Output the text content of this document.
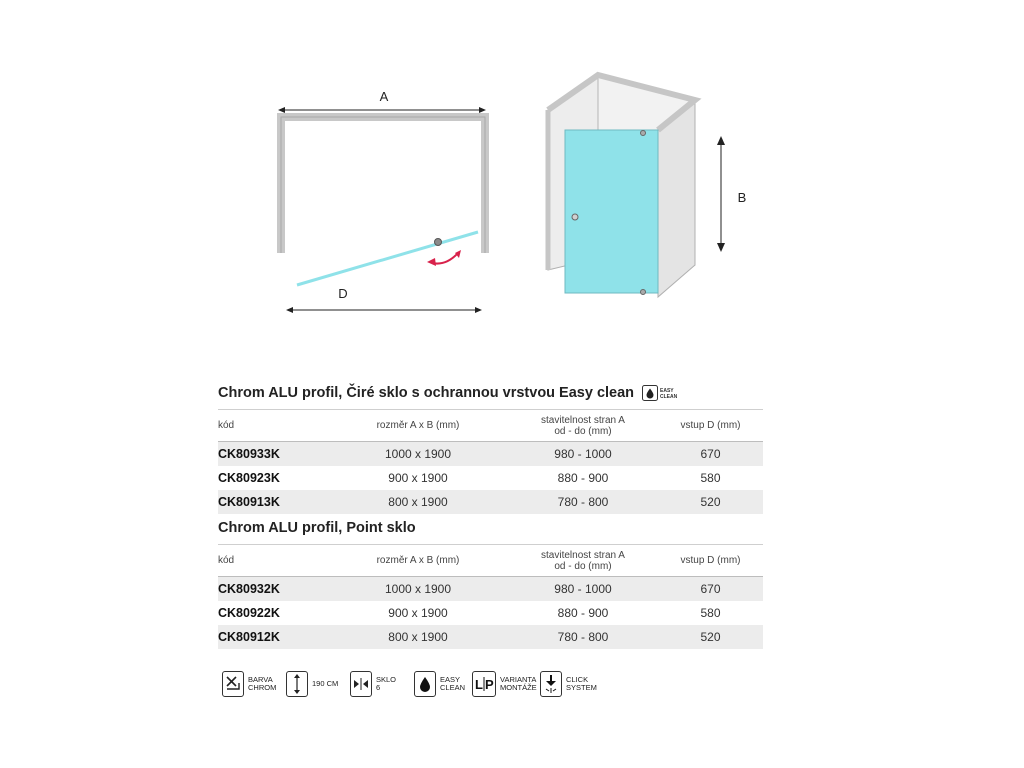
A
D
B
Chrom ALU profil, Čiré sklo s ochrannou vrstvou Easy clean	EASY
CLEAN
kód	rozměr A x B (mm)	stavitelnost stran A
od - do (mm)	vstup D (mm)
CK80933K	1000 x 1900	980 - 1000	670
CK80923K	900 x 1900	880 - 900	580
CK80913K	800 x 1900	780 - 800	520
Chrom ALU profil, Point sklo
kód	rozměr A x B (mm)	stavitelnost stran A
od - do (mm)	vstup D (mm)
CK80932K	1000 x 1900	980 - 1000	670
CK80922K	900 x 1900	880 - 900	580
CK80912K	800 x 1900	780 - 800	520
BARVA
CHROM	190 CM	SKLO
6
EASY
CLEAN L P VARIANTA
MONTÁŽE
CLICK
SYSTEM
